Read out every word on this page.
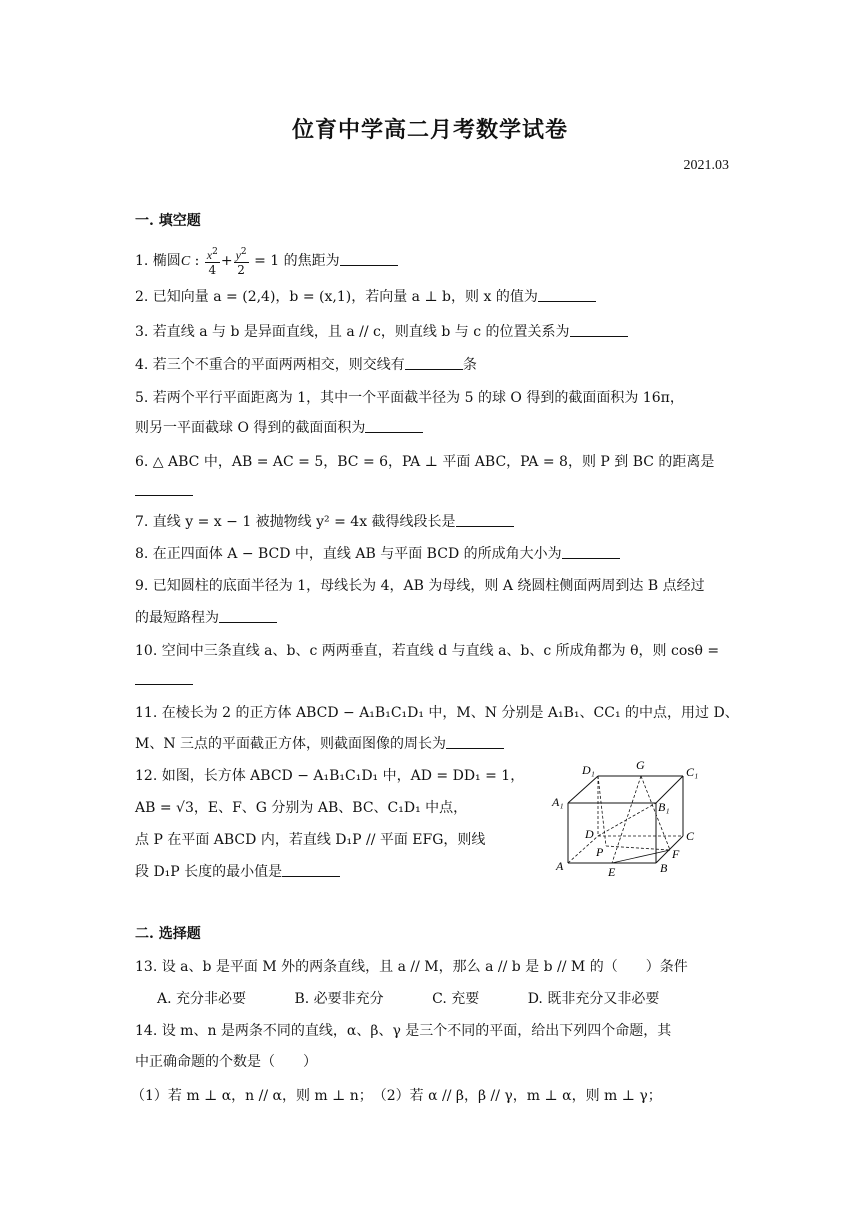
位育中学高二月考数学试卷
2021.03
一. 填空题
1. 椭圆C : $\frac{x^2}{4} + \frac{y^2}{2} = 1$ 的焦距为
2. 已知向量 a = (2,4)，b = (x,1)，若向量 a ⊥ b，则 x 的值为
3. 若直线 a 与 b 是异面直线，且 a // c，则直线 b 与 c 的位置关系为
4. 若三个不重合的平面两两相交，则交线有	条
5. 若两个平行平面距离为 1，其中一个平面截半径为 5 的球 O 得到的截面面积为 16π，
则另一平面截球 O 得到的截面面积为
6. △ ABC 中，AB = AC = 5，BC = 6，PA ⊥ 平面 ABC，PA = 8，则 P 到 BC 的距离是
7. 直线 y = x − 1 被抛物线 y² = 4x 截得线段长是
8. 在正四面体 A − BCD 中，直线 AB 与平面 BCD 的所成角大小为
9. 已知圆柱的底面半径为 1，母线长为 4，AB 为母线，则 A 绕圆柱侧面两周到达 B 点经过
的最短路程为
10. 空间中三条直线 a、b、c 两两垂直，若直线 d 与直线 a、b、c 所成角都为 θ，则 cosθ =
11. 在棱长为 2 的正方体 ABCD − A₁B₁C₁D₁ 中，M、N 分别是 A₁B₁、CC₁ 的中点，用过 D、
M、N 三点的平面截正方体，则截面图像的周长为
12. 如图，长方体 ABCD − A₁B₁C₁D₁ 中，AD = DD₁ = 1，
AB = √3，E、F、G 分别为 AB、BC、C₁D₁ 中点，
点 P 在平面 ABCD 内，若直线 D₁P // 平面 EFG，则线
段 D₁P 长度的最小值是
D₁	G	C₁
A₁	B₁
D	C
P	F
A	E	B
二. 选择题
13. 设 a、b 是平面 M 外的两条直线，且 a // M，那么 a // b 是 b // M 的（　　）条件
A. 充分非必要	B. 必要非充分	C. 充要	D. 既非充分又非必要
14. 设 m、n 是两条不同的直线，α、β、γ 是三个不同的平面，给出下列四个命题，其
中正确命题的个数是（　　）
（1）若 m ⊥ α，n // α，则 m ⊥ n；　（2）若 α // β，β // γ，m ⊥ α，则 m ⊥ γ；
